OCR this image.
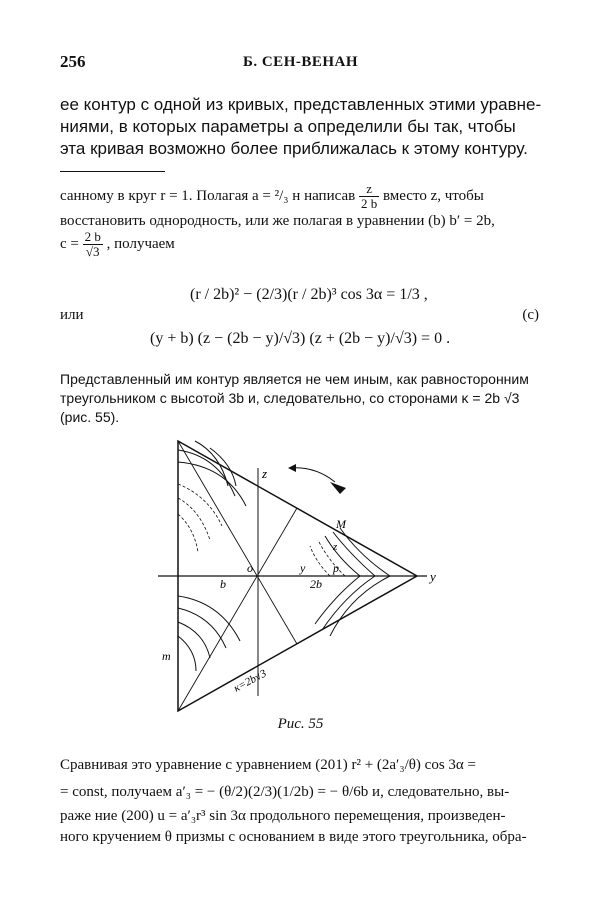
256	Б. СЕН-ВЕНАН
ее контур с одной из кривых, представленных этими уравне-
ниями, в которых параметры a определили бы так, чтобы
эта кривая возможно более приближалась к этому контуру.
санному в круг r = 1. Полагая a = ²/₃ н написав $\frac{z}{2 b}$ вместо z, чтобы
восстановить однородность, или же полагая в уравнении (b) b′ = 2b,
$c = \frac{2 b}{√3}$ , получаем
(r / 2b)² − (2/3)(r / 2b)³ cos 3α = 1/3 ,
или	(c)
(y + b) (z − (2b − y)/√3) (z + (2b − y)/√3) = 0 .
Представленный им контур является не чем иным, как равносторонним
треугольником с высотой 3b и, следовательно, со сторонами κ = 2b √3
(рис. 55).
z
y
o	y p
b	2b
M
z
m
κ=2b√3
Рис. 55
Сравнивая это уравнение с уравнением (201) r² + (2a′₃/θ) cos 3α =
= const, получаем a′₃ = − (θ/2)(2/3)(1/2b) = − θ/6b и, следовательно, вы-
раже ние (200) u = a′₃r³ sin 3α продольного перемещения, произведен-
ного кручением θ призмы с основанием в виде этого треугольника, обра-
